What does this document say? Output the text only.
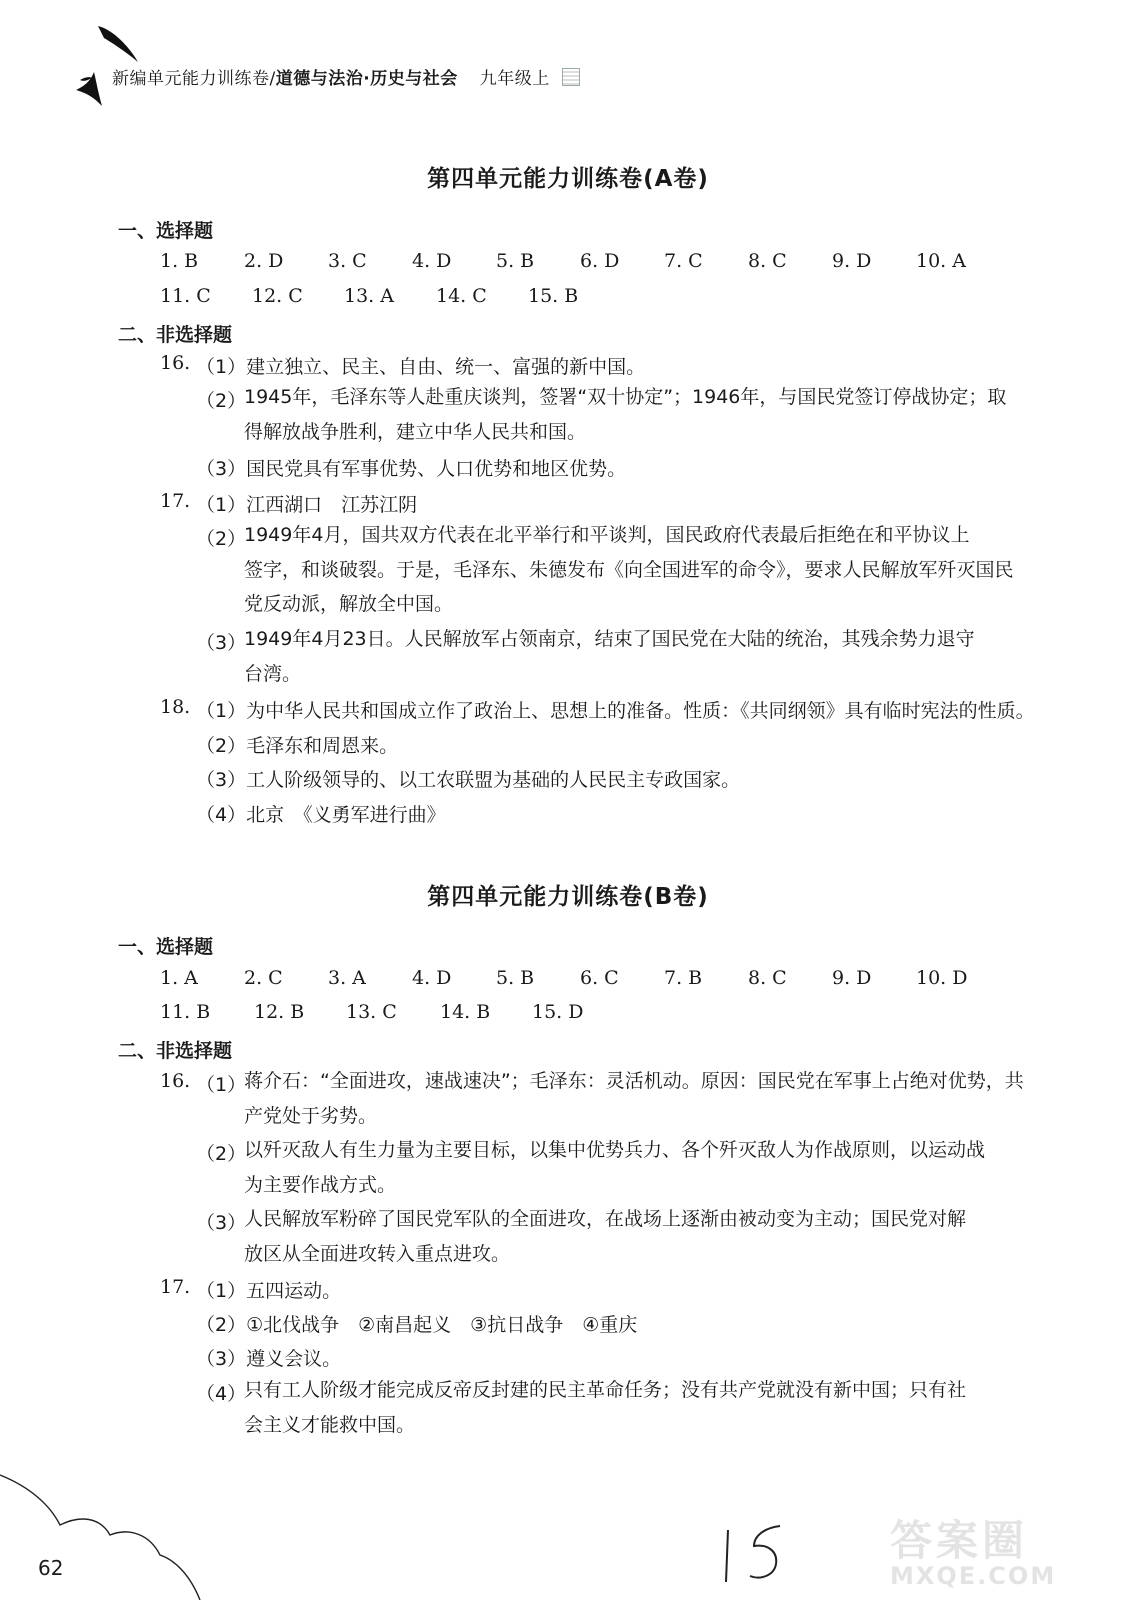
新编单元能力训练卷/道德与法治·历史与社会 九年级上
第四单元能力训练卷(A卷)
一、选择题
1. B 2. D 3. C 4. D 5. B 6. D 7. C 8. C 9. D 10. A
11. C 12. C 13. A 14. C 15. B
二、非选择题
16. （1）建立独立、民主、自由、统一、富强的新中国。
（2）
1945年，毛泽东等人赴重庆谈判，签署“双十协定”；1946年，与国民党签订停战协定；取
得解放战争胜利，建立中华人民共和国。
（3）国民党具有军事优势、人口优势和地区优势。
17. （1）江西湖口　江苏江阴
（2）
1949年4月，国共双方代表在北平举行和平谈判，国民政府代表最后拒绝在和平协议上
签字，和谈破裂。于是，毛泽东、朱德发布《向全国进军的命令》，要求人民解放军歼灭国民
党反动派，解放全中国。
（3）
1949年4月23日。人民解放军占领南京，结束了国民党在大陆的统治，其残余势力退守
台湾。
18. （1）为中华人民共和国成立作了政治上、思想上的准备。性质：《共同纲领》具有临时宪法的性质。
（2）毛泽东和周恩来。
（3）工人阶级领导的、以工农联盟为基础的人民民主专政国家。
（4）北京　《义勇军进行曲》
第四单元能力训练卷(B卷)
一、选择题
1. A 2. C 3. A 4. D 5. B 6. C 7. B 8. C 9. D 10. D
11. B 12. B 13. C 14. B 15. D
二、非选择题
16. （1）
蒋介石：“全面进攻，速战速决”；毛泽东：灵活机动。原因：国民党在军事上占绝对优势，共
产党处于劣势。
（2）
以歼灭敌人有生力量为主要目标，以集中优势兵力、各个歼灭敌人为作战原则，以运动战
为主要作战方式。
（3）
人民解放军粉碎了国民党军队的全面进攻，在战场上逐渐由被动变为主动；国民党对解
放区从全面进攻转入重点进攻。
17. （1）五四运动。
（2）①北伐战争　②南昌起义　③抗日战争　④重庆
（3）遵义会议。
（4）
只有工人阶级才能完成反帝反封建的民主革命任务；没有共产党就没有新中国；只有社
会主义才能救中国。
62
答案圈
MXQE.COM
